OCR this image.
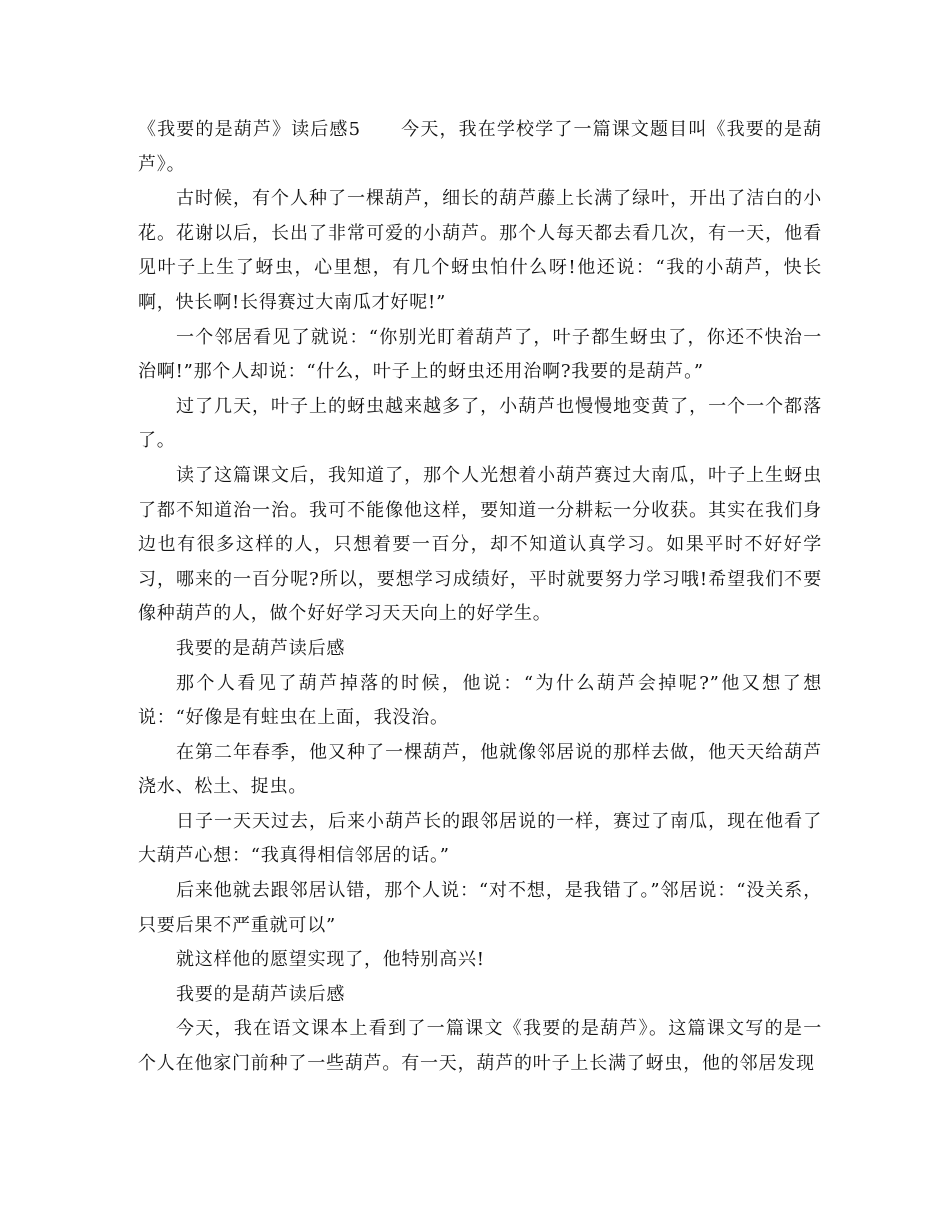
《我要的是葫芦》读后感5 今天，我在学校学了一篇课文题目叫《我要的是葫芦》。

古时候，有个人种了一棵葫芦，细长的葫芦藤上长满了绿叶，开出了洁白的小花。花谢以后，长出了非常可爱的小葫芦。那个人每天都去看几次，有一天，他看见叶子上生了蚜虫，心里想，有几个蚜虫怕什么呀!他还说：“我的小葫芦，快长啊，快长啊!长得赛过大南瓜才好呢!”

一个邻居看见了就说：“你别光盯着葫芦了，叶子都生蚜虫了，你还不快治一治啊!”那个人却说：“什么，叶子上的蚜虫还用治啊?我要的是葫芦。”

过了几天，叶子上的蚜虫越来越多了，小葫芦也慢慢地变黄了，一个一个都落了。

读了这篇课文后，我知道了，那个人光想着小葫芦赛过大南瓜，叶子上生蚜虫了都不知道治一治。我可不能像他这样，要知道一分耕耘一分收获。其实在我们身边也有很多这样的人，只想着要一百分，却不知道认真学习。如果平时不好好学习，哪来的一百分呢?所以，要想学习成绩好，平时就要努力学习哦!希望我们不要像种葫芦的人，做个好好学习天天向上的好学生。

我要的是葫芦读后感

那个人看见了葫芦掉落的时候，他说：“为什么葫芦会掉呢?”他又想了想说：“好像是有蛀虫在上面，我没治。

在第二年春季，他又种了一棵葫芦，他就像邻居说的那样去做，他天天给葫芦浇水、松土、捉虫。

日子一天天过去，后来小葫芦长的跟邻居说的一样，赛过了南瓜，现在他看了大葫芦心想：“我真得相信邻居的话。”

后来他就去跟邻居认错，那个人说：“对不想，是我错了。”邻居说：“没关系，只要后果不严重就可以”

就这样他的愿望实现了，他特别高兴!

我要的是葫芦读后感

今天，我在语文课本上看到了一篇课文《我要的是葫芦》。这篇课文写的是一个人在他家门前种了一些葫芦。有一天，葫芦的叶子上长满了蚜虫，他的邻居发现
